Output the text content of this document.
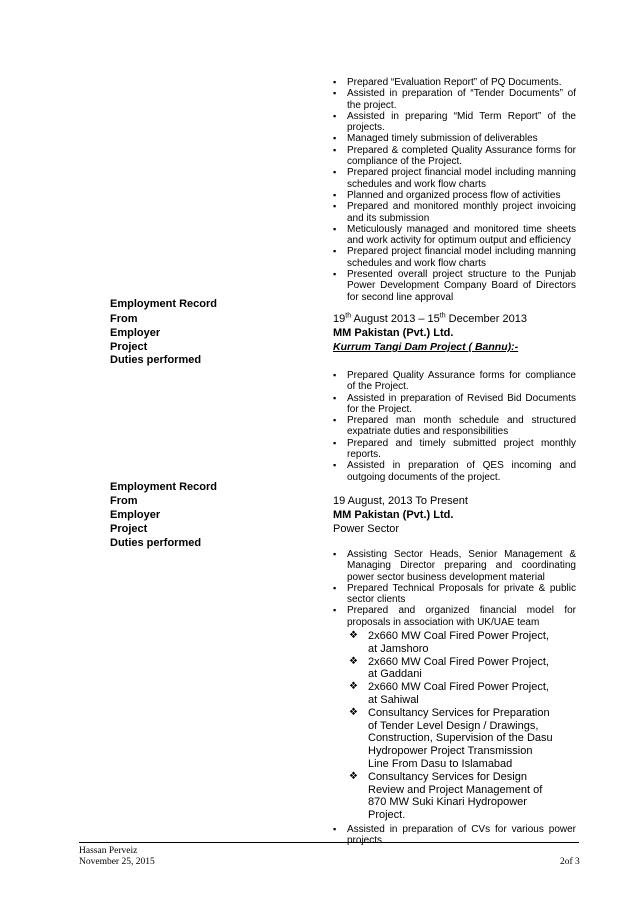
▪ Prepared “Evaluation Report” of PQ Documents.
▪ Assisted in preparation of “Tender Documents” of the project.
▪ Assisted in preparing “Mid Term Report” of the projects.
▪ Managed timely submission of deliverables
▪ Prepared & completed Quality Assurance forms for compliance of the Project.
▪ Prepared project financial model including manning schedules and work flow charts
▪ Planned and organized process flow of activities
▪ Prepared and monitored monthly project invoicing and its submission
▪ Meticulously managed and monitored time sheets and work activity for optimum output and efficiency
▪ Prepared project financial model including manning schedules and work flow charts
▪ Presented overall project structure to the Punjab Power Development Company Board of Directors for second line approval
Employment Record
From	19th August 2013 – 15th December 2013
Employer	MM Pakistan (Pvt.) Ltd.
Project	Kurrum Tangi Dam Project ( Bannu):-
Duties performed
▪ Prepared Quality Assurance forms for compliance of the Project.
▪ Assisted in preparation of Revised Bid Documents for the Project.
▪ Prepared man month schedule and structured expatriate duties and responsibilities
▪ Prepared and timely submitted project monthly reports.
▪ Assisted in preparation of QES incoming and outgoing documents of the project.
Employment Record
From	19 August, 2013 To Present
Employer	MM Pakistan (Pvt.) Ltd.
Project	Power Sector
Duties performed
▪ Assisting Sector Heads, Senior Management & Managing Director preparing and coordinating power sector business development material
▪ Prepared Technical Proposals for private & public sector clients
▪ Prepared and organized financial model for proposals in association with UK/UAE team
❖ 2x660 MW Coal Fired Power Project, at Jamshoro
❖ 2x660 MW Coal Fired Power Project, at Gaddani
❖ 2x660 MW Coal Fired Power Project, at Sahiwal
❖ Consultancy Services for Preparation of Tender Level Design / Drawings, Construction, Supervision of the Dasu Hydropower Project Transmission Line From Dasu to Islamabad
❖ Consultancy Services for Design Review and Project Management of 870 MW Suki Kinari Hydropower Project.
▪ Assisted in preparation of CVs for various power projects.
Hassan Perveiz
November 25, 2015	2of 3
